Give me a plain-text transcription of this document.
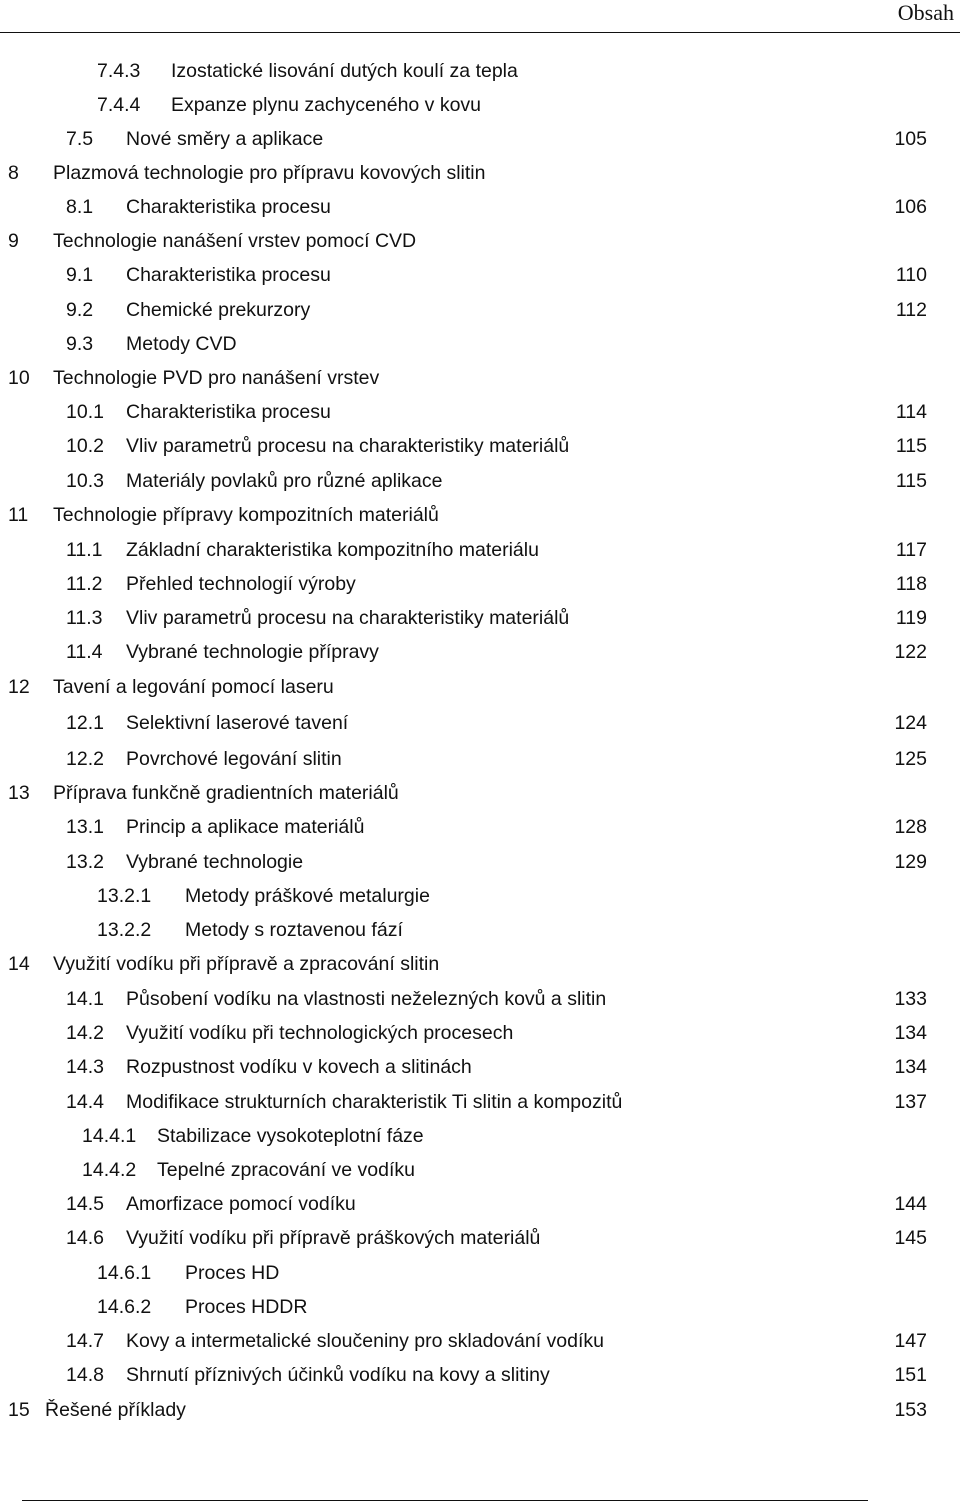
Obsah
7.4.3 Izostatické lisování dutých koulí za tepla
7.4.4 Expanze plynu zachyceného v kovu
7.5 Nové směry a aplikace	105
8 Plazmová technologie pro přípravu kovových slitin
8.1 Charakteristika procesu	106
9 Technologie nanášení vrstev pomocí CVD
9.1 Charakteristika procesu	110
9.2 Chemické prekurzory	112
9.3 Metody CVD
10 Technologie PVD pro nanášení vrstev
10.1 Charakteristika procesu	114
10.2 Vliv parametrů procesu na charakteristiky materiálů	115
10.3 Materiály povlaků pro různé aplikace	115
11 Technologie přípravy kompozitních materiálů
11.1 Základní charakteristika kompozitního materiálu	117
11.2 Přehled technologií výroby	118
11.3 Vliv parametrů procesu na charakteristiky materiálů	119
11.4 Vybrané technologie přípravy	122
12 Tavení a legování pomocí laseru
12.1 Selektivní laserové tavení	124
12.2 Povrchové legování slitin	125
13 Příprava funkčně gradientních materiálů
13.1 Princip a aplikace materiálů	128
13.2 Vybrané technologie	129
13.2.1 Metody práškové metalurgie
13.2.2 Metody s roztavenou fází
14 Využití vodíku při přípravě a zpracování slitin
14.1 Působení vodíku na vlastnosti neželezných kovů a slitin	133
14.2 Využití vodíku při technologických procesech	134
14.3 Rozpustnost vodíku v kovech a slitinách	134
14.4 Modifikace strukturních charakteristik Ti slitin a kompozitů	137
14.4.1 Stabilizace vysokoteplotní fáze
14.4.2 Tepelné zpracování ve vodíku
14.5 Amorfizace pomocí vodíku	144
14.6 Využití vodíku při přípravě práškových materiálů	145
14.6.1 Proces HD
14.6.2 Proces HDDR
14.7 Kovy a intermetalické sloučeniny pro skladování vodíku	147
14.8 Shrnutí příznivých účinků vodíku na kovy a slitiny	151
15 Řešené příklady	153
